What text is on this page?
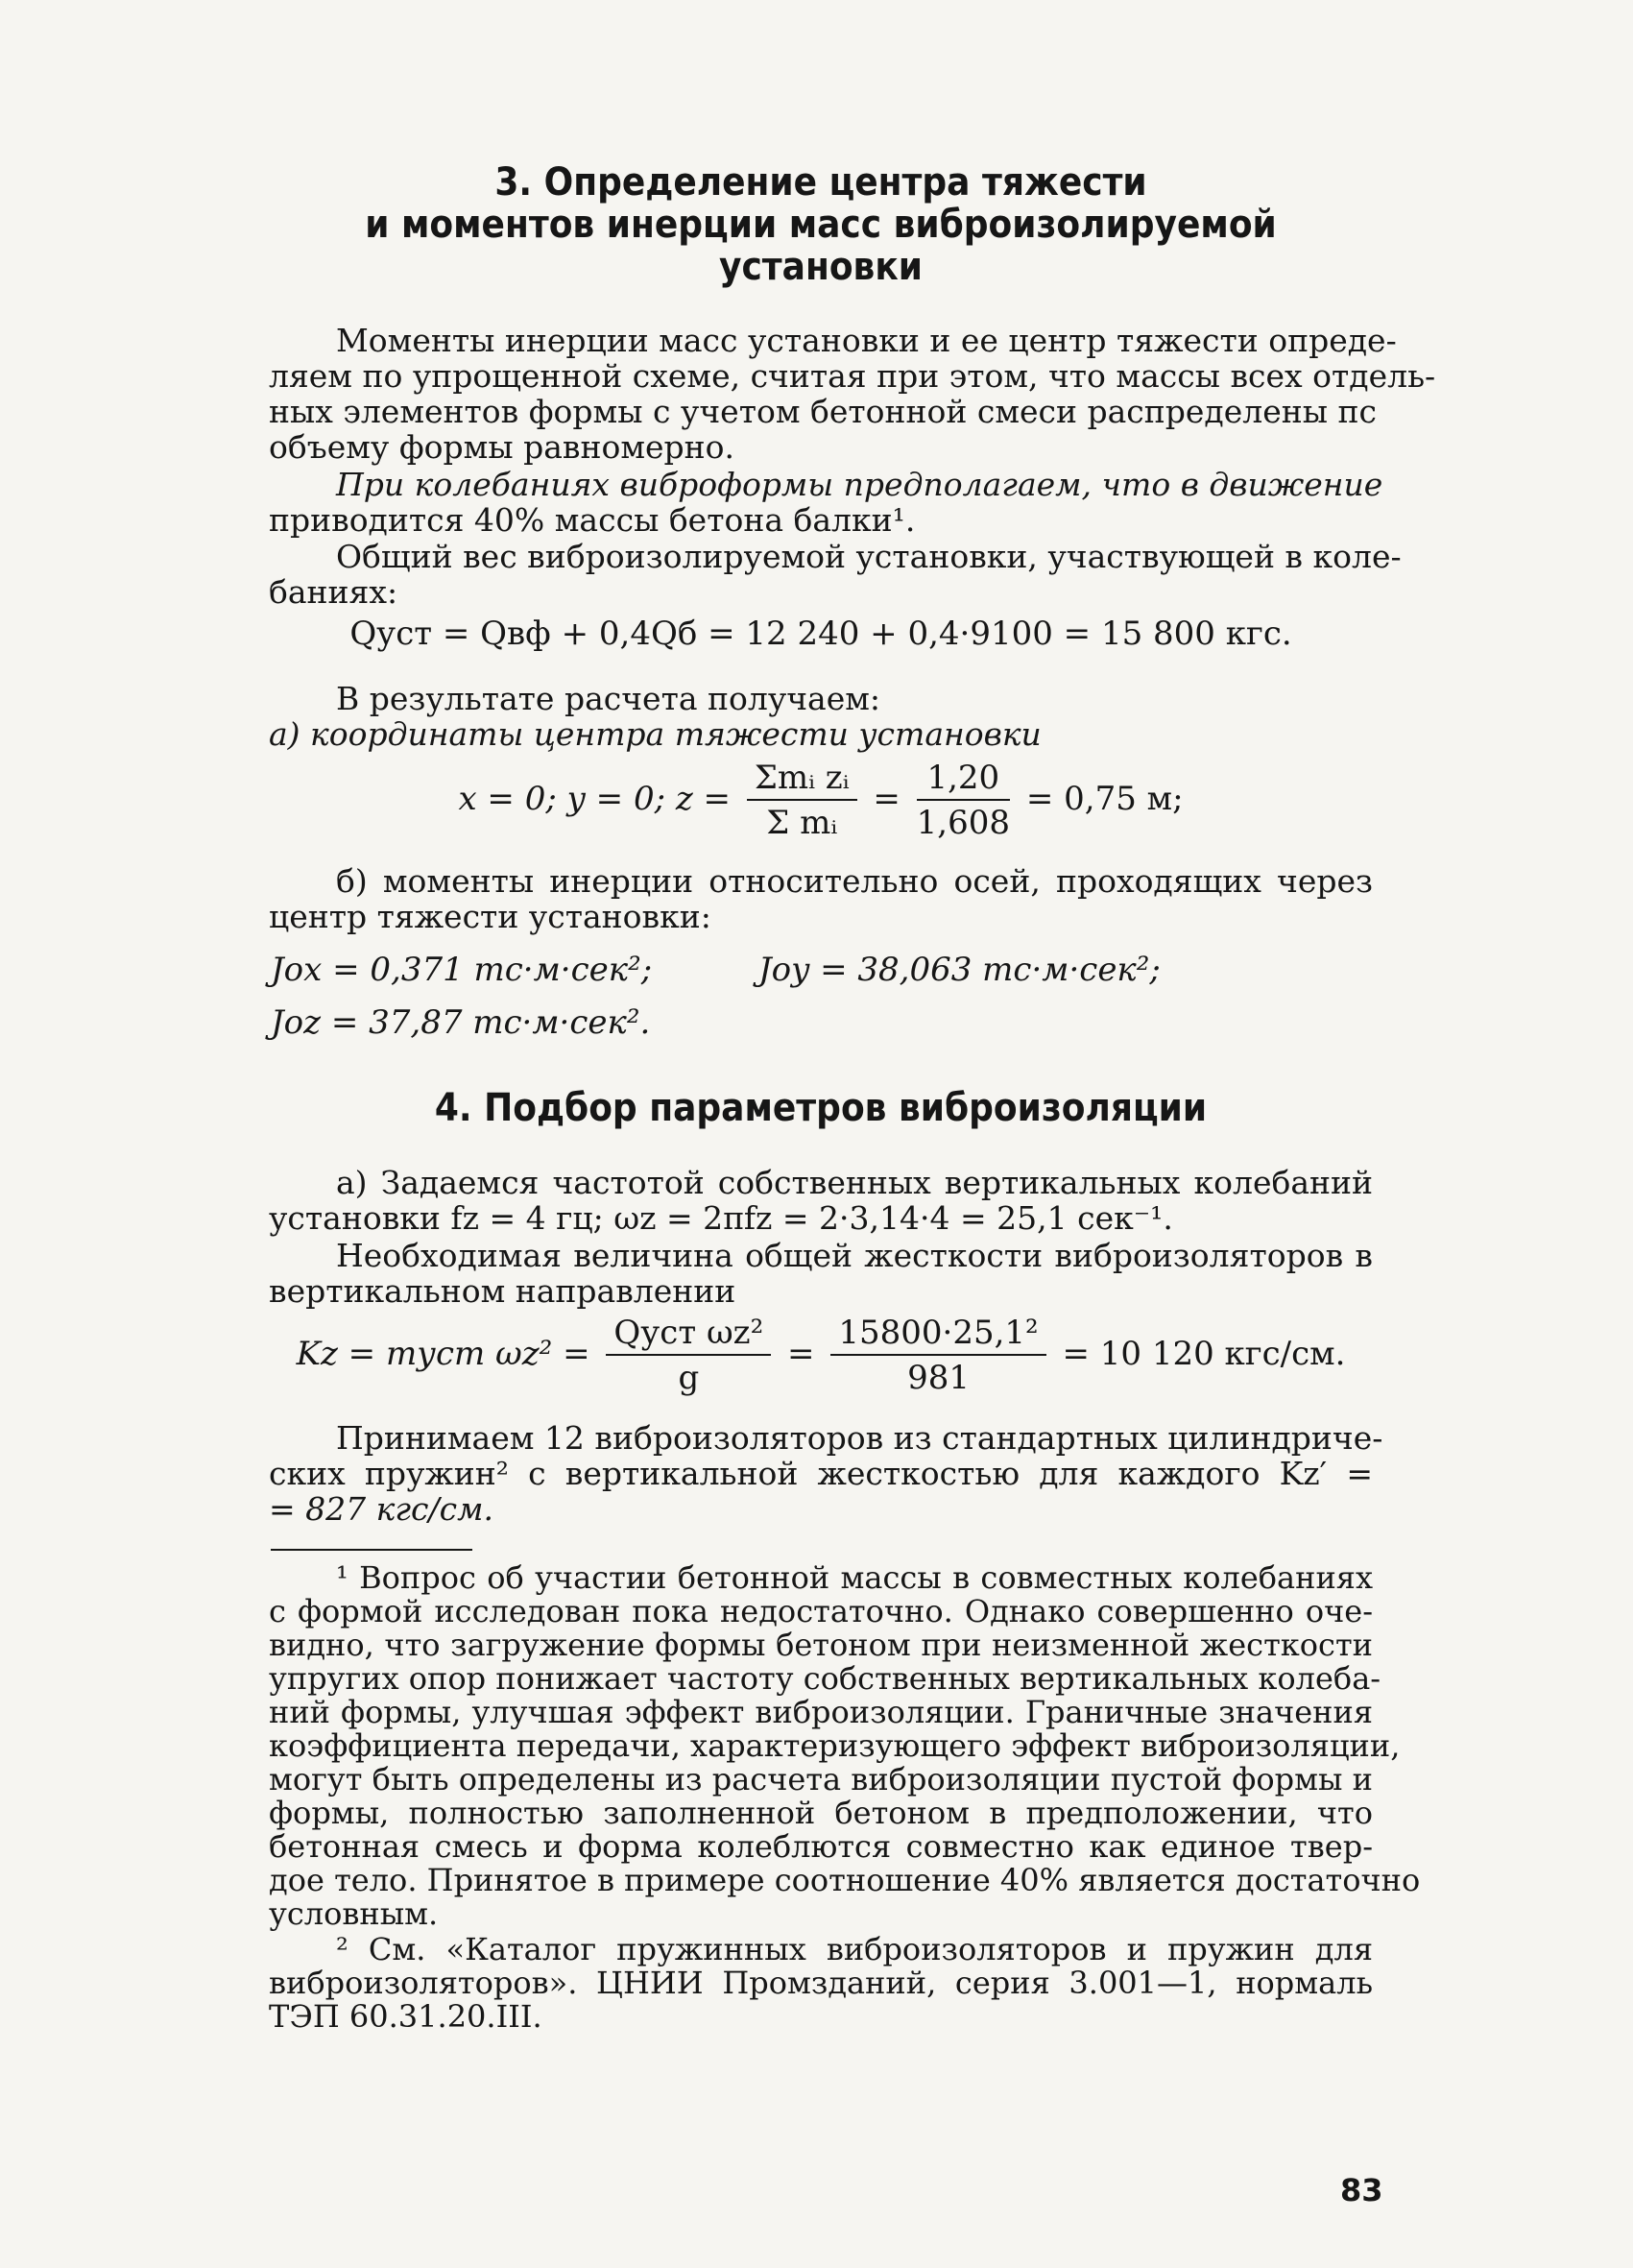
3. Определение центра тяжести
и моментов инерции масс виброизолируемой
установки
Моменты инерции масс установки и ее центр тяжести опреде-
ляем по упрощенной схеме, считая при этом, что массы всех отдель-
ных элементов формы с учетом бетонной смеси распределены пс
объему формы равномерно.
При колебаниях виброформы предполагаем, что в движение
приводится 40% массы бетона балки¹.
Общий вес виброизолируемой установки, участвующей в коле-
баниях:
Qуст = Qвф + 0,4Qб = 12 240 + 0,4·9100 = 15 800 кгс.
В результате расчета получаем:
а) координаты центра тяжести установки
x = 0; y = 0; $z = \frac{\text{Σmᵢ zᵢ}}{\text{Σ mᵢ}} = \frac{1,20}{1,608} = 0,75$ м;
б) моменты инерции относительно осей, проходящих через
центр тяжести установки:
Jox = 0,371 тс·м·сек²;	Joy = 38,063 тс·м·сек²;
Joz = 37,87 тс·м·сек².
4. Подбор параметров виброизоляции
а) Задаемся частотой собственных вертикальных колебаний
установки fz = 4 гц; ωz = 2πfz = 2·3,14·4 = 25,1 сек⁻¹.
Необходимая величина общей жесткости виброизоляторов в
вертикальном направлении
Kz = mуст $\omega z^2 = \frac{\text{Qуст ωz²}}{g} = \frac{\text{15800·25,1²}}{981} = 10$ 120 кгс/см.
Принимаем 12 виброизоляторов из стандартных цилиндриче-
ских пружин² с вертикальной жесткостью для каждого Kz′ =
= 827 кгс/см.
¹ Вопрос об участии бетонной массы в совместных колебаниях
с формой исследован пока недостаточно. Однако совершенно оче-
видно, что загружение формы бетоном при неизменной жесткости
упругих опор понижает частоту собственных вертикальных колеба-
ний формы, улучшая эффект виброизоляции. Граничные значения
коэффициента передачи, характеризующего эффект виброизоляции,
могут быть определены из расчета виброизоляции пустой формы и
формы, полностью заполненной бетоном в предположении, что
бетонная смесь и форма колеблются совместно как единое твер-
дое тело. Принятое в примере соотношение 40% является достаточно
условным.
² См. «Каталог пружинных виброизоляторов и пружин для
виброизоляторов». ЦНИИ Промзданий, серия 3.001—1, нормаль
ТЭП 60.31.20.III.
83
